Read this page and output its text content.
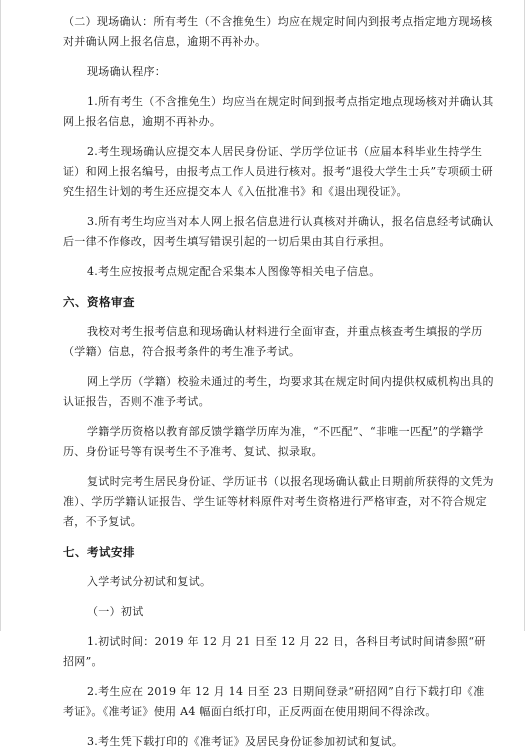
（二）现场确认：所有考生（不含推免生）均应在规定时间内到报考点指定地方现场核对并确认网上报名信息，逾期不再补办。

现场确认程序：

1.所有考生（不含推免生）均应当在规定时间到报考点指定地点现场核对并确认其网上报名信息，逾期不再补办。

2.考生现场确认应提交本人居民身份证、学历学位证书（应届本科毕业生持学生证）和网上报名编号，由报考点工作人员进行核对。报考“退役大学生士兵”专项硕士研究生招生计划的考生还应提交本人《入伍批准书》和《退出现役证》。

3.所有考生均应当对本人网上报名信息进行认真核对并确认，报名信息经考试确认后一律不作修改，因考生填写错误引起的一切后果由其自行承担。

4.考生应按报考点规定配合采集本人图像等相关电子信息。

六、资格审查

我校对考生报考信息和现场确认材料进行全面审查，并重点核查考生填报的学历（学籍）信息，符合报考条件的考生准予考试。

网上学历（学籍）校验未通过的考生，均要求其在规定时间内提供权威机构出具的认证报告，否则不准予考试。

学籍学历资格以教育部反馈学籍学历库为准，“不匹配”、“非唯一匹配”的学籍学历、身份证号等有误考生不予准考、复试、拟录取。

复试时完考生居民身份证、学历证书（以报名现场确认截止日期前所获得的文凭为准）、学历学籍认证报告、学生证等材料原件对考生资格进行严格审查，对不符合规定者，不予复试。

七、考试安排

入学考试分初试和复试。

（一）初试

1.初试时间：2019 年 12 月 21 日至 12 月 22 日，各科目考试时间请参照“研招网”。

2.考生应在 2019 年 12 月 14 日至 23 日期间登录“研招网”自行下载打印《准考证》。《准考证》使用 A4 幅面白纸打印，正反两面在使用期间不得涂改。

3.考生凭下载打印的《准考证》及居民身份证参加初试和复试。
